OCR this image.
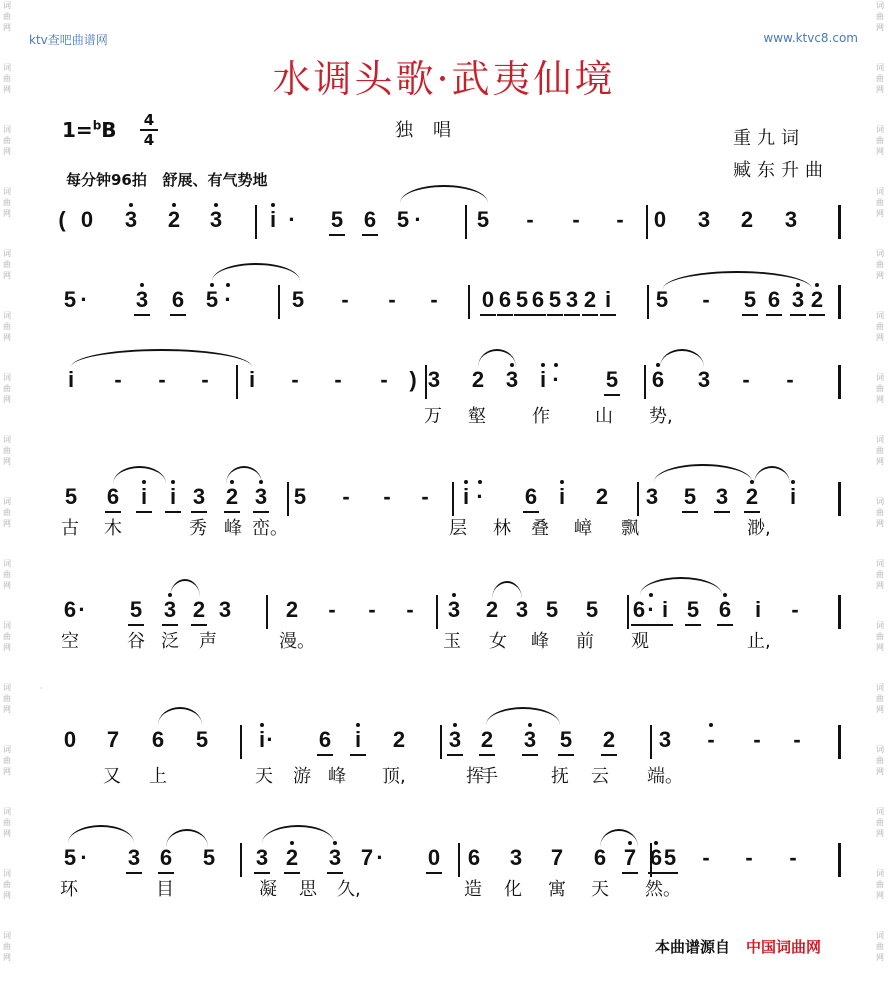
词
曲
网
词
曲
网
词
曲
网
词
曲
网
词
曲
网
词
曲
网
词
曲
网
词
曲
网
词
曲
网
词
曲
网
词
曲
网
词
曲
网
词
曲
网
词
曲
网
词
曲
网
词
曲
网
词
曲
网
词
曲
网
词
曲
网
词
曲
网
词
曲
网
词
曲
网
词
曲
网
词
曲
网
词
曲
网
词
曲
网
词
曲
网
词
曲
网
词
曲
网
词
曲
网
词
曲
网
词
曲
网
ktv查吧曲谱网	www.ktvc8.com
水调头歌·武夷仙境
1=$^b$B 4
4	独唱	重九词
臧东升曲
每分钟96拍   舒展、有气势地
( 0 3 2 3	i ·	5 6 5 ·	5	-	-	-	0 3 2 3
5 ·	3 6 5 ·	5	-	-	-	0 6 5 6 5 3 2 i	5	-	5 6 3 2
i	-	-	-	i	-	-	- ) 3 2 3 i ·	5 6 3	-	-
万 壑	作	山 势,
5 6 i	i 3 2 3 5	-	-	-	i ·	6 i	2 3 5 3 2	i
古 木	秀 峰 峦。	层 林 叠 嶂 飘	渺,
6 ·	5 3 2 3 2	-	-	-	3 2 3 5 5 6 · i 5 6	i	-
空	谷 泛 声	漫。	玉 女 峰 前 观	止,
0 7 6 5	i ·	6	i	2 3 2 3 5 2 3	-	-	-
又 上	天 游 峰 顶,	挥
手	抚 云 端。
5 ·	3 6 5 3 2 3 7 ·	0 6 3 7 6 7 6 5	-	-	-
环	目	凝 思 久,	造 化 寓 天 然。
·
本曲谱源自 中国词曲网
